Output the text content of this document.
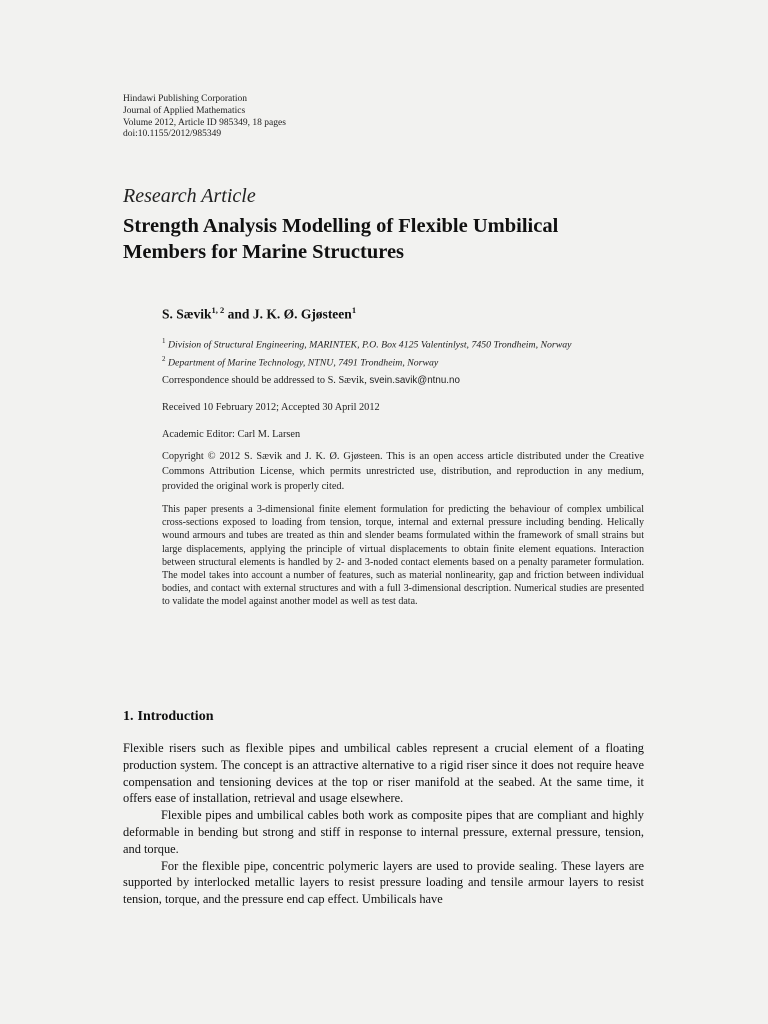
Hindawi Publishing Corporation
Journal of Applied Mathematics
Volume 2012, Article ID 985349, 18 pages
doi:10.1155/2012/985349
Research Article
Strength Analysis Modelling of Flexible Umbilical
Members for Marine Structures
S. Sævik$^{1, 2}$ and J. K. Ø. Gjøsteen$^1$
$^1$ Division of Structural Engineering, MARINTEK, P.O. Box 4125 Valentinlyst, 7450 Trondheim, Norway
$^2$ Department of Marine Technology, NTNU, 7491 Trondheim, Norway
Correspondence should be addressed to S. Sævik, svein.savik@ntnu.no
Received 10 February 2012; Accepted 30 April 2012
Academic Editor: Carl M. Larsen
Copyright © 2012 S. Sævik and J. K. Ø. Gjøsteen. This is an open access article distributed under the Creative Commons Attribution License, which permits unrestricted use, distribution, and reproduction in any medium, provided the original work is properly cited.
This paper presents a 3-dimensional finite element formulation for predicting the behaviour of complex umbilical cross-sections exposed to loading from tension, torque, internal and external pressure including bending. Helically wound armours and tubes are treated as thin and slender beams formulated within the framework of small strains but large displacements, applying the principle of virtual displacements to obtain finite element equations. Interaction between structural elements is handled by 2- and 3-noded contact elements based on a penalty parameter formulation. The model takes into account a number of features, such as material nonlinearity, gap and friction between individual bodies, and contact with external structures and with a full 3-dimensional description. Numerical studies are presented to validate the model against another model as well as test data.
1. Introduction

Flexible risers such as flexible pipes and umbilical cables represent a crucial element of a floating production system. The concept is an attractive alternative to a rigid riser since it does not require heave compensation and tensioning devices at the top or riser manifold at the seabed. At the same time, it offers ease of installation, retrieval and usage elsewhere.

Flexible pipes and umbilical cables both work as composite pipes that are compliant and highly deformable in bending but strong and stiff in response to internal pressure, external pressure, tension, and torque.

For the flexible pipe, concentric polymeric layers are used to provide sealing. These layers are supported by interlocked metallic layers to resist pressure loading and tensile armour layers to resist tension, torque, and the pressure end cap effect. Umbilicals have
